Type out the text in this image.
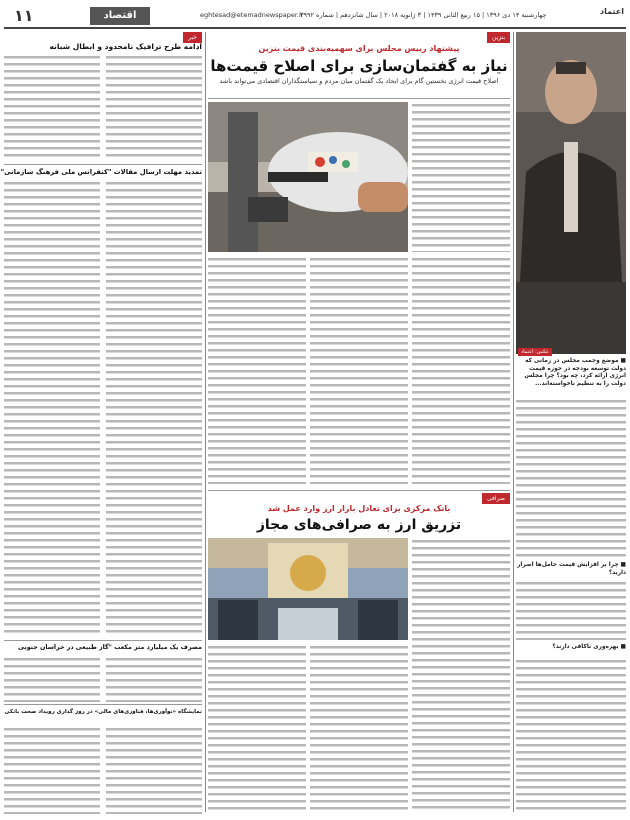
۱۱	اقتصاد	eghtesad@etemadnewspaper.ir
چهارشنبه ۱۴ دی ۱۳۹۶ | ۱۵ ربیع الثانی ۱۴۳۹ | ۳ ژانویه ۲۰۱۸ | سال شانزدهم | شماره ۳۹۹۲	اعتماد
خبر
ادامه طرح ترافیک نامحدود و ابطال شبانه
تمدید مهلت ارسال مقالات "کنفرانس ملی فرهنگ سازمانی"
مصرف یک میلیارد متر مکعب "گاز طبیعی در خراسان جنوبی
بنزین
پیشنهاد رییس مجلس برای سهمیه‌بندی قیمت بنزین
نیاز به گفتمان‌سازی برای اصلاح قیمت‌ها
اصلاح قیمت انرژی نخستین گام برای ایجاد یک گفتمان میان مردم و سیاستگذاران اقتصادی می‌تواند باشد
صرافی
بانک مرکزی برای تعادل بازار ارز وارد عمل شد
تزریق ارز به صرافی‌های مجاز
نمایشگاه «نوآوری‌ها، فناوری‌های مالی» در روز گذاری رویداد صحت بانکی
عکس: اعتماد
■ موضع وجمب مجلس در زمانی که دولت توسعه بودجه در حوزه قیمت انرژی ارائه کرد، چه بود؟ چرا مجلس دولت را به تنظیم ناخواسته‌اند...
■ چرا بر افزایش قیمت حامل‌ها اصرار دارید؟
■ بهره‌وری ناکافی دارند؟
